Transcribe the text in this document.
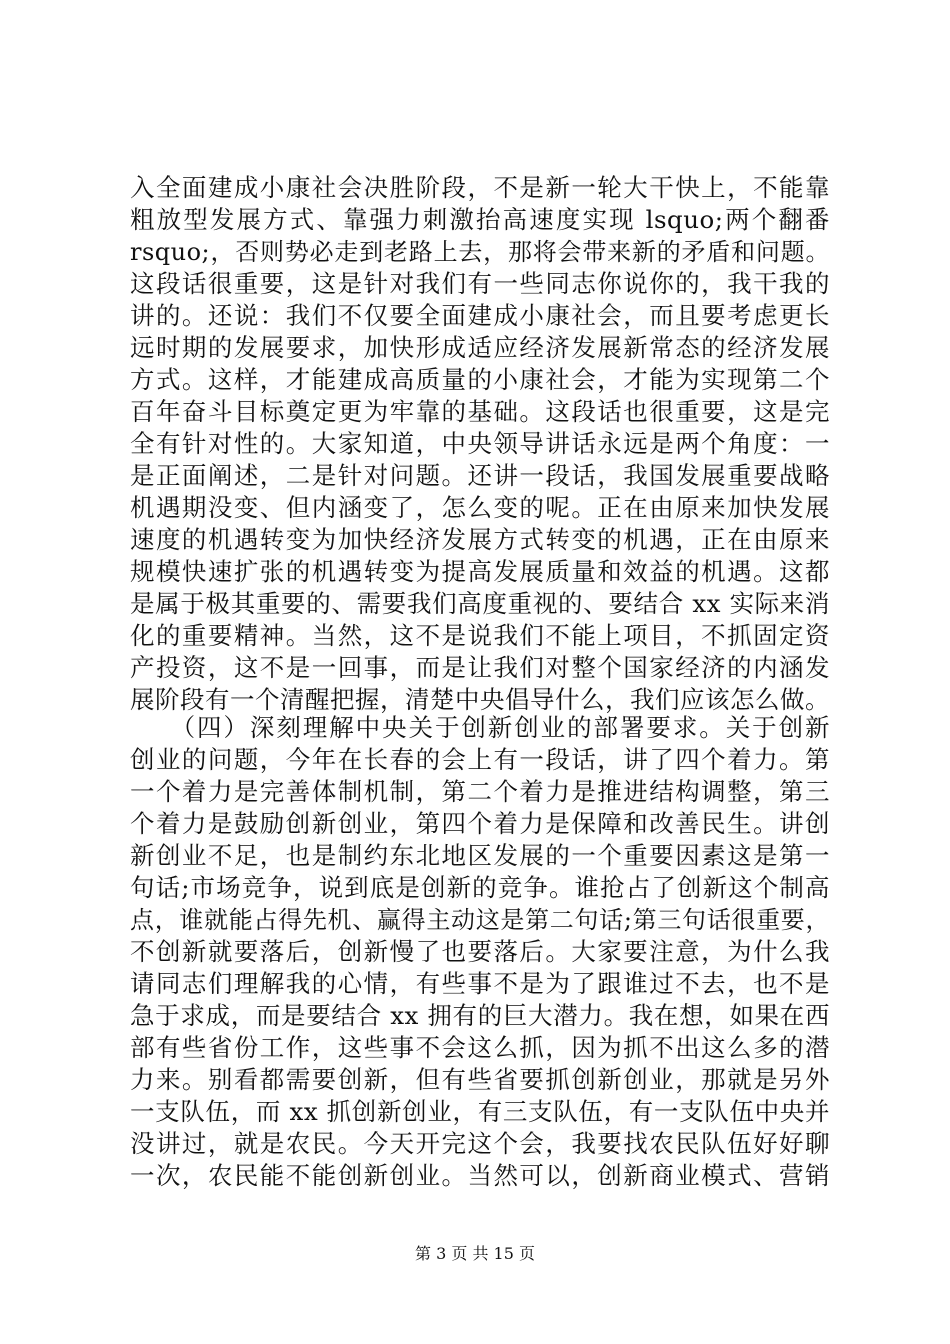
入全面建成小康社会决胜阶段，不是新一轮大干快上，不能靠
粗放型发展方式、靠强力刺激抬高速度实现 lsquo;两个翻番
rsquo;，否则势必走到老路上去，那将会带来新的矛盾和问题。
这段话很重要，这是针对我们有一些同志你说你的，我干我的
讲的。还说：我们不仅要全面建成小康社会，而且要考虑更长
远时期的发展要求，加快形成适应经济发展新常态的经济发展
方式。这样，才能建成高质量的小康社会，才能为实现第二个
百年奋斗目标奠定更为牢靠的基础。这段话也很重要，这是完
全有针对性的。大家知道，中央领导讲话永远是两个角度：一
是正面阐述，二是针对问题。还讲一段话，我国发展重要战略
机遇期没变、但内涵变了，怎么变的呢。正在由原来加快发展
速度的机遇转变为加快经济发展方式转变的机遇，正在由原来
规模快速扩张的机遇转变为提高发展质量和效益的机遇。这都
是属于极其重要的、需要我们高度重视的、要结合 xx 实际来消
化的重要精神。当然，这不是说我们不能上项目，不抓固定资
产投资，这不是一回事，而是让我们对整个国家经济的内涵发
展阶段有一个清醒把握，清楚中央倡导什么，我们应该怎么做。
　　（四）深刻理解中央关于创新创业的部署要求。关于创新
创业的问题，今年在长春的会上有一段话，讲了四个着力。第
一个着力是完善体制机制，第二个着力是推进结构调整，第三
个着力是鼓励创新创业，第四个着力是保障和改善民生。讲创
新创业不足，也是制约东北地区发展的一个重要因素这是第一
句话;市场竞争，说到底是创新的竞争。谁抢占了创新这个制高
点，谁就能占得先机、赢得主动这是第二句话;第三句话很重要，
不创新就要落后，创新慢了也要落后。大家要注意，为什么我
请同志们理解我的心情，有些事不是为了跟谁过不去，也不是
急于求成，而是要结合 xx 拥有的巨大潜力。我在想，如果在西
部有些省份工作，这些事不会这么抓，因为抓不出这么多的潜
力来。别看都需要创新，但有些省要抓创新创业，那就是另外
一支队伍，而 xx 抓创新创业，有三支队伍，有一支队伍中央并
没讲过，就是农民。今天开完这个会，我要找农民队伍好好聊
一次，农民能不能创新创业。当然可以，创新商业模式、营销
第 3 页 共 15 页
